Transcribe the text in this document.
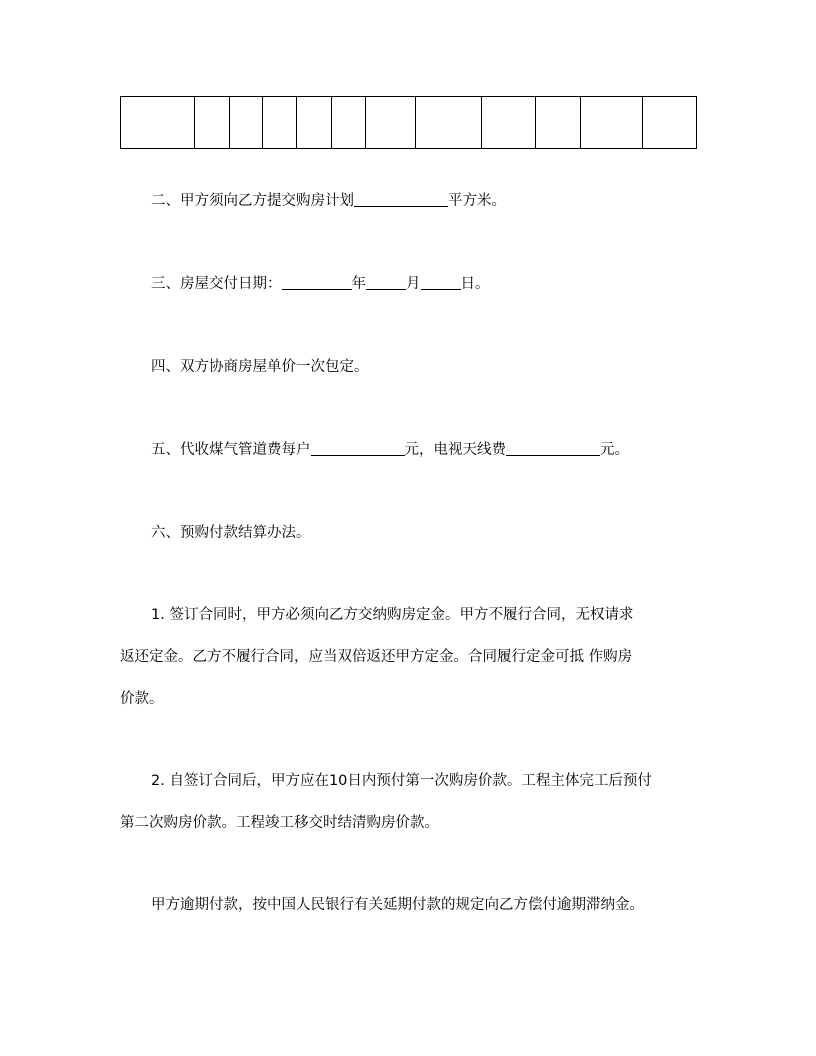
二、甲方须向乙方提交购房计划	平方米。
三、房屋交付日期：	年	月	日。
四、双方协商房屋单价一次包定。
五、代收煤气管道费每户	元，电视天线费	元。
六、预购付款结算办法。
1. 签订合同时，甲方必须向乙方交纳购房定金。甲方不履行合同，无权请求
返还定金。乙方不履行合同，应当双倍返还甲方定金。合同履行定金可抵 作购房
价款。
2. 自签订合同后，甲方应在10日内预付第一次购房价款。工程主体完工后预付
第二次购房价款。工程竣工移交时结清购房价款。
甲方逾期付款，按中国人民银行有关延期付款的规定向乙方偿付逾期滞纳金。
